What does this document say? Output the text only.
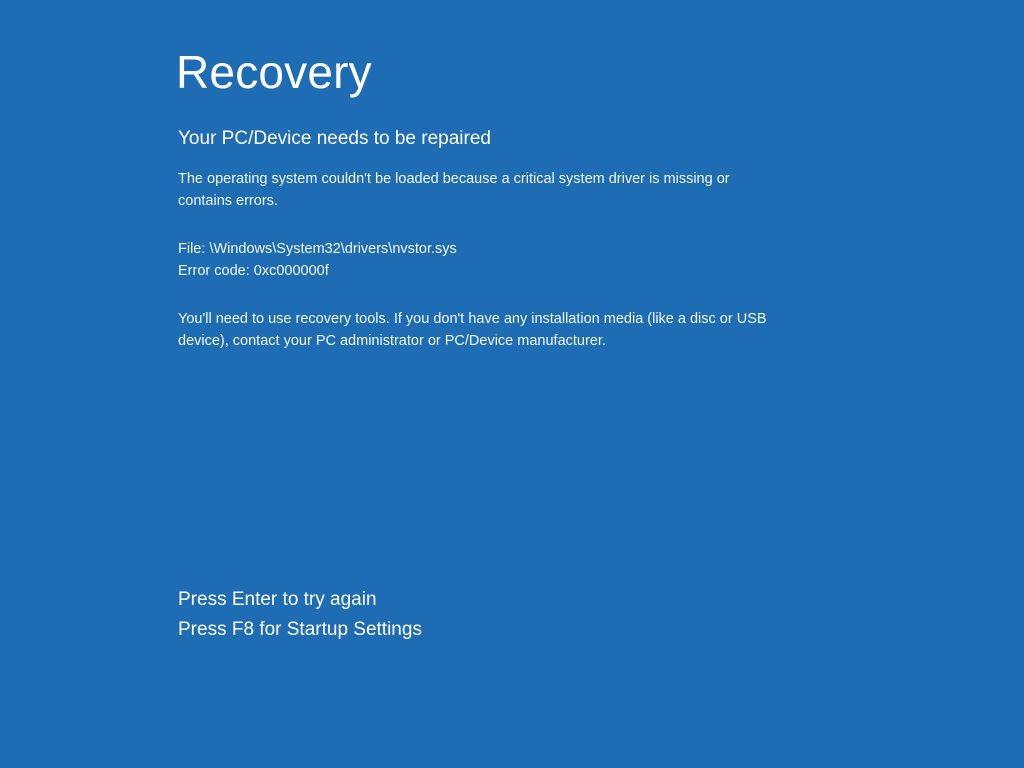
Recovery
Your PC/Device needs to be repaired

The operating system couldn't be loaded because a critical system driver is missing or contains errors.

File: \Windows\System32\drivers\nvstor.sys
Error code: 0xc000000f

You'll need to use recovery tools. If you don't have any installation media (like a disc or USB device), contact your PC administrator or PC/Device manufacturer.

Press Enter to try again
Press F8 for Startup Settings
